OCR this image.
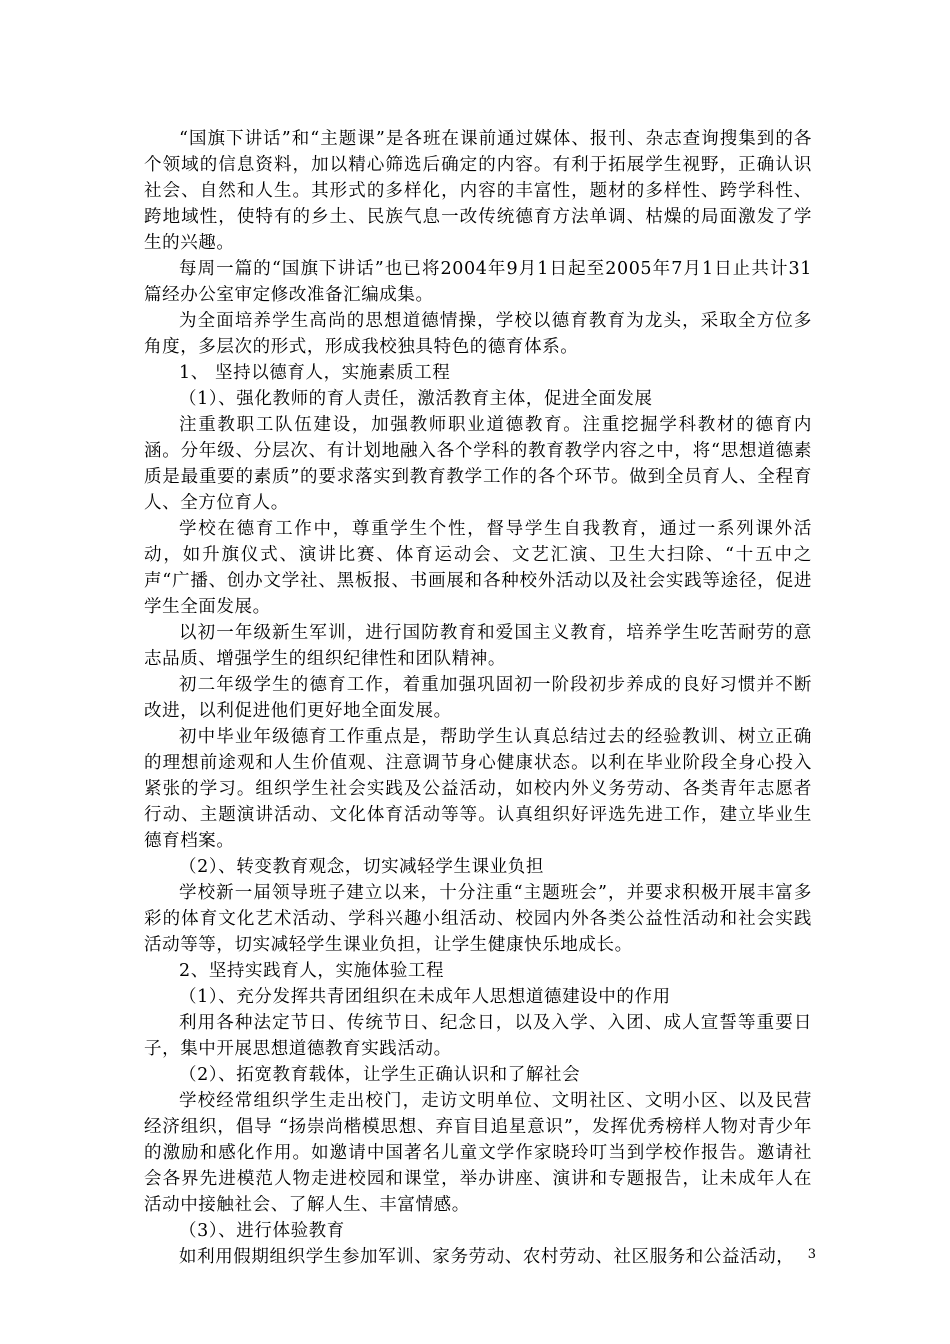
“国旗下讲话”和“主题课”是各班在课前通过媒体、报刊、杂志查询搜集到的各个领域的信息资料，加以精心筛选后确定的内容。有利于拓展学生视野，正确认识社会、自然和人生。其形式的多样化，内容的丰富性，题材的多样性、跨学科性、跨地域性，使特有的乡土、民族气息一改传统德育方法单调、枯燥的局面激发了学生的兴趣。

每周一篇的“国旗下讲话”也已将2004年9月1日起至2005年7月1日止共计31篇经办公室审定修改准备汇编成集。

为全面培养学生高尚的思想道德情操，学校以德育教育为龙头，采取全方位多角度，多层次的形式，形成我校独具特色的德育体系。

1、 坚持以德育人，实施素质工程

（1）、强化教师的育人责任，激活教育主体，促进全面发展

注重教职工队伍建设，加强教师职业道德教育。注重挖掘学科教材的德育内涵。分年级、分层次、有计划地融入各个学科的教育教学内容之中，将“思想道德素质是最重要的素质”的要求落实到教育教学工作的各个环节。做到全员育人、全程育人、全方位育人。

学校在德育工作中，尊重学生个性，督导学生自我教育，通过一系列课外活动，如升旗仪式、演讲比赛、体育运动会、文艺汇演、卫生大扫除、“十五中之声“广播、创办文学社、黑板报、书画展和各种校外活动以及社会实践等途径，促进学生全面发展。

以初一年级新生军训，进行国防教育和爱国主义教育，培养学生吃苦耐劳的意志品质、增强学生的组织纪律性和团队精神。

初二年级学生的德育工作，着重加强巩固初一阶段初步养成的良好习惯并不断改进，以利促进他们更好地全面发展。

初中毕业年级德育工作重点是，帮助学生认真总结过去的经验教训、树立正确的理想前途观和人生价值观、注意调节身心健康状态。以利在毕业阶段全身心投入紧张的学习。组织学生社会实践及公益活动，如校内外义务劳动、各类青年志愿者行动、主题演讲活动、文化体育活动等等。认真组织好评选先进工作，建立毕业生德育档案。

（2）、转变教育观念，切实减轻学生课业负担

学校新一届领导班子建立以来，十分注重“主题班会”，并要求积极开展丰富多彩的体育文化艺术活动、学科兴趣小组活动、校园内外各类公益性活动和社会实践活动等等，切实减轻学生课业负担，让学生健康快乐地成长。

2、坚持实践育人，实施体验工程

（1）、充分发挥共青团组织在未成年人思想道德建设中的作用

利用各种法定节日、传统节日、纪念日，以及入学、入团、成人宣誓等重要日子，集中开展思想道德教育实践活动。

（2）、拓宽教育载体，让学生正确认识和了解社会

学校经常组织学生走出校门，走访文明单位、文明社区、文明小区、以及民营经济组织，倡导 “扬崇尚楷模思想、弃盲目追星意识”，发挥优秀榜样人物对青少年的激励和感化作用。如邀请中国著名儿童文学作家晓玲叮当到学校作报告。邀请社会各界先进模范人物走进校园和课堂，举办讲座、演讲和专题报告，让未成年人在活动中接触社会、了解人生、丰富情感。

（3）、进行体验教育

如利用假期组织学生参加军训、家务劳动、农村劳动、社区服务和公益活动，	3
